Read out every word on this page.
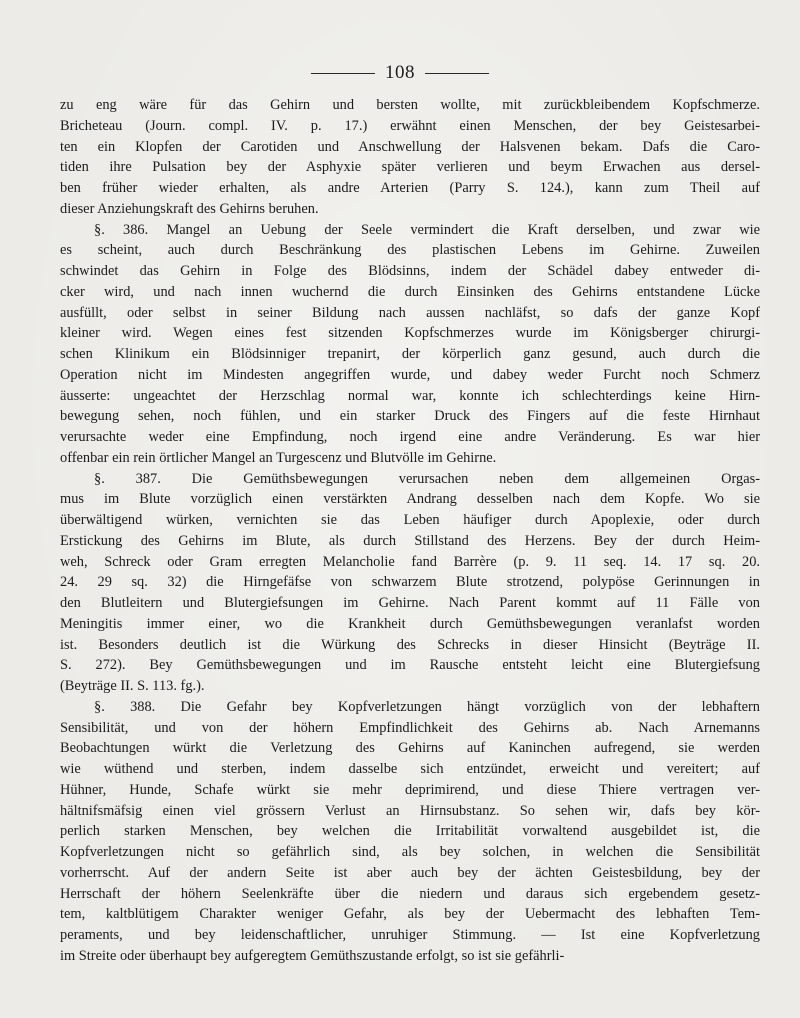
108
zu eng wäre für das Gehirn und bersten wollte, mit zurückbleibendem Kopfschmerze.
Bricheteau (Journ. compl. IV. p. 17.) erwähnt einen Menschen, der bey Geistesarbei-
ten ein Klopfen der Carotiden und Anschwellung der Halsvenen bekam. Dafs die Caro-
tiden ihre Pulsation bey der Asphyxie später verlieren und beym Erwachen aus dersel-
ben früher wieder erhalten, als andre Arterien (Parry S. 124.), kann zum Theil auf
dieser Anziehungskraft des Gehirns beruhen.
§. 386. Mangel an Uebung der Seele vermindert die Kraft derselben, und zwar wie
es scheint, auch durch Beschränkung des plastischen Lebens im Gehirne. Zuweilen
schwindet das Gehirn in Folge des Blödsinns, indem der Schädel dabey entweder di-
cker wird, und nach innen wuchernd die durch Einsinken des Gehirns entstandene Lücke
ausfüllt, oder selbst in seiner Bildung nach aussen nachläfst, so dafs der ganze Kopf
kleiner wird. Wegen eines fest sitzenden Kopfschmerzes wurde im Königsberger chirurgi-
schen Klinikum ein Blödsinniger trepanirt, der körperlich ganz gesund, auch durch die
Operation nicht im Mindesten angegriffen wurde, und dabey weder Furcht noch Schmerz
äusserte: ungeachtet der Herzschlag normal war, konnte ich schlechterdings keine Hirn-
bewegung sehen, noch fühlen, und ein starker Druck des Fingers auf die feste Hirnhaut
verursachte weder eine Empfindung, noch irgend eine andre Veränderung. Es war hier
offenbar ein rein örtlicher Mangel an Turgescenz und Blutvölle im Gehirne.
§. 387. Die Gemüthsbewegungen verursachen neben dem allgemeinen Orgas-
mus im Blute vorzüglich einen verstärkten Andrang desselben nach dem Kopfe. Wo sie
überwältigend würken, vernichten sie das Leben häufiger durch Apoplexie, oder durch
Erstickung des Gehirns im Blute, als durch Stillstand des Herzens. Bey der durch Heim-
weh, Schreck oder Gram erregten Melancholie fand Barrère (p. 9. 11 seq. 14. 17 sq. 20.
24. 29 sq. 32) die Hirngefäfse von schwarzem Blute strotzend, polypöse Gerinnungen in
den Blutleitern und Blutergiefsungen im Gehirne. Nach Parent kommt auf 11 Fälle von
Meningitis immer einer, wo die Krankheit durch Gemüthsbewegungen veranlafst worden
ist. Besonders deutlich ist die Würkung des Schrecks in dieser Hinsicht (Beyträge II.
S. 272). Bey Gemüthsbewegungen und im Rausche entsteht leicht eine Blutergiefsung
(Beyträge II. S. 113. fg.).
§. 388. Die Gefahr bey Kopfverletzungen hängt vorzüglich von der lebhaftern
Sensibilität, und von der höhern Empfindlichkeit des Gehirns ab. Nach Arnemanns
Beobachtungen würkt die Verletzung des Gehirns auf Kaninchen aufregend, sie werden
wie wüthend und sterben, indem dasselbe sich entzündet, erweicht und vereitert; auf
Hühner, Hunde, Schafe würkt sie mehr deprimirend, und diese Thiere vertragen ver-
hältnifsmäfsig einen viel grössern Verlust an Hirnsubstanz. So sehen wir, dafs bey kör-
perlich starken Menschen, bey welchen die Irritabilität vorwaltend ausgebildet ist, die
Kopfverletzungen nicht so gefährlich sind, als bey solchen, in welchen die Sensibilität
vorherrscht. Auf der andern Seite ist aber auch bey der ächten Geistesbildung, bey der
Herrschaft der höhern Seelenkräfte über die niedern und daraus sich ergebendem gesetz-
tem, kaltblütigem Charakter weniger Gefahr, als bey der Uebermacht des lebhaften Tem-
peraments, und bey leidenschaftlicher, unruhiger Stimmung. — Ist eine Kopfverletzung
im Streite oder überhaupt bey aufgeregtem Gemüthszustande erfolgt, so ist sie gefährli-
